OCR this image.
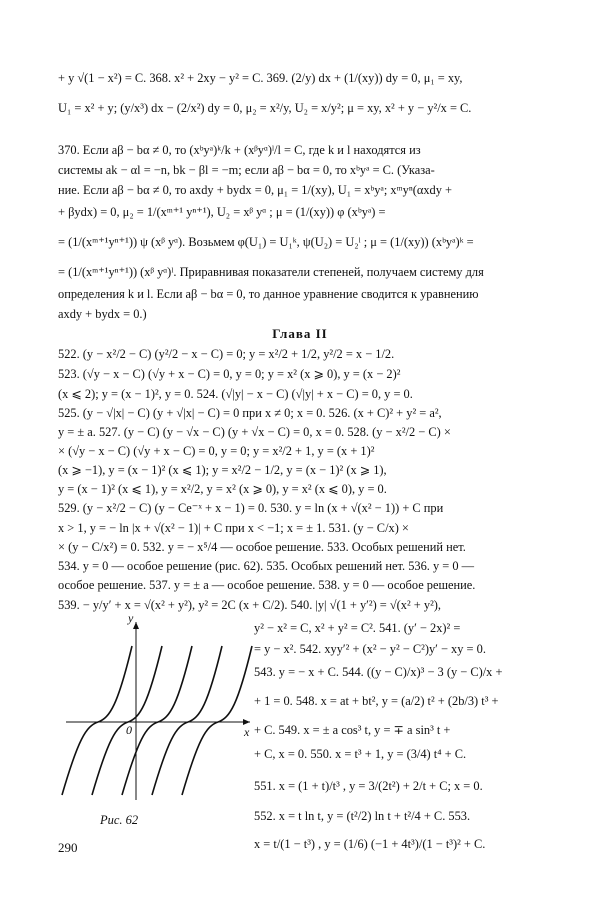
+ y √(1 − x²) = C. 368. x² + 2xy − y² = C. 369. (2/y) dx + (1/(xy)) dy = 0, μ₁ = xy,
U₁ = x² + y; (y/x³) dx − (2/x²) dy = 0, μ₂ = x²/y, U₂ = x/y²; μ = xy, x² + y − y²/x = C.
370. Если aβ − bα ≠ 0, то (xᵇyᵃ)ᵏ/k + (xᵝyᵅ)ˡ/l = C, где k и l находятся из
системы ak − αl = −n, bk − βl = −m; если aβ − bα = 0, то xᵇyᵃ = C. (Указа-
ние. Если aβ − bα ≠ 0, то axdy + bydx = 0, μ₁ = 1/(xy), U₁ = xᵇyᵃ; xᵐyⁿ(αxdy +
+ βydx) = 0, μ₂ = 1/(xᵐ⁺¹ yⁿ⁺¹), U₂ = xᵝ yᵅ ; μ = (1/(xy)) φ (xᵇyᵃ) =
= (1/(xᵐ⁺¹yⁿ⁺¹)) ψ (xᵝ yᵅ). Возьмем φ(U₁) = U₁ᵏ, ψ(U₂) = U₂ˡ ; μ = (1/(xy)) (xᵇyᵃ)ᵏ =
= (1/(xᵐ⁺¹yⁿ⁺¹)) (xᵝ yᵅ)ˡ. Приравнивая показатели степеней, получаем систему для
определения k и l. Если aβ − bα = 0, то данное уравнение сводится к уравнению
axdy + bydx = 0.)
522. (y − x²/2 − C) (y²/2 − x − C) = 0; y = x²/2 + 1/2, y²/2 = x − 1/2.
523. (√y − x − C) (√y + x − C) = 0, y = 0; y = x² (x ⩾ 0), y = (x − 2)²
(x ⩽ 2); y = (x − 1)², y = 0. 524. (√|y| − x − C) (√|y| + x − C) = 0, y = 0.
525. (y − √|x| − C) (y + √|x| − C) = 0 при x ≠ 0; x = 0. 526. (x + C)² + y² = a²,
y = ± a. 527. (y − C) (y − √x − C) (y + √x − C) = 0, x = 0. 528. (y − x²/2 − C) ×
× (√y − x − C) (√y + x − C) = 0, y = 0; y = x²/2 + 1, y = (x + 1)²
(x ⩾ −1), y = (x − 1)² (x ⩽ 1); y = x²/2 − 1/2, y = (x − 1)² (x ⩾ 1),
y = (x − 1)² (x ⩽ 1), y = x²/2, y = x² (x ⩾ 0), y = x² (x ⩽ 0), y = 0.
529. (y − x²/2 − C) (y − Ce⁻ˣ + x − 1) = 0. 530. y = ln (x + √(x² − 1)) + C при
x > 1, y = − ln |x + √(x² − 1)| + C при x < −1; x = ± 1. 531. (y − C/x) ×
× (y − C/x²) = 0. 532. y = − x⁵/4 — особое решение. 533. Особых решений нет.
534. y = 0 — особое решение (рис. 62). 535. Особых решений нет. 536. y = 0 —
особое решение. 537. y = ± a — особое решение. 538. y = 0 — особое решение.
539. − y/y′ + x = √(x² + y²), y² = 2C (x + C/2). 540. |y| √(1 + y′²) = √(x² + y²),
y² − x² = C, x² + y² = C². 541. (y′ − 2x)² =
= y − x². 542. xyy′² + (x² − y² − C²)y′ − xy = 0.
543. y = − x + C. 544. ((y − C)/x)³ − 3 (y − C)/x +
+ 1 = 0. 548. x = at + bt², y = (a/2) t² + (2b/3) t³ +
+ C. 549. x = ± a cos³ t, y = ∓ a sin³ t +
+ C, x = 0. 550. x = t³ + 1, y = (3/4) t⁴ + C.
551. x = (1 + t)/t³ , y = 3/(2t²) + 2/t + C; x = 0.
552. x = t ln t, y = (t²/2) ln t + t²/4 + C. 553.
x = t/(1 − t³) , y = (1/6) (−1 + 4t³)/(1 − t³)² + C.
Глава II
y
x
0
Рис. 62
290
